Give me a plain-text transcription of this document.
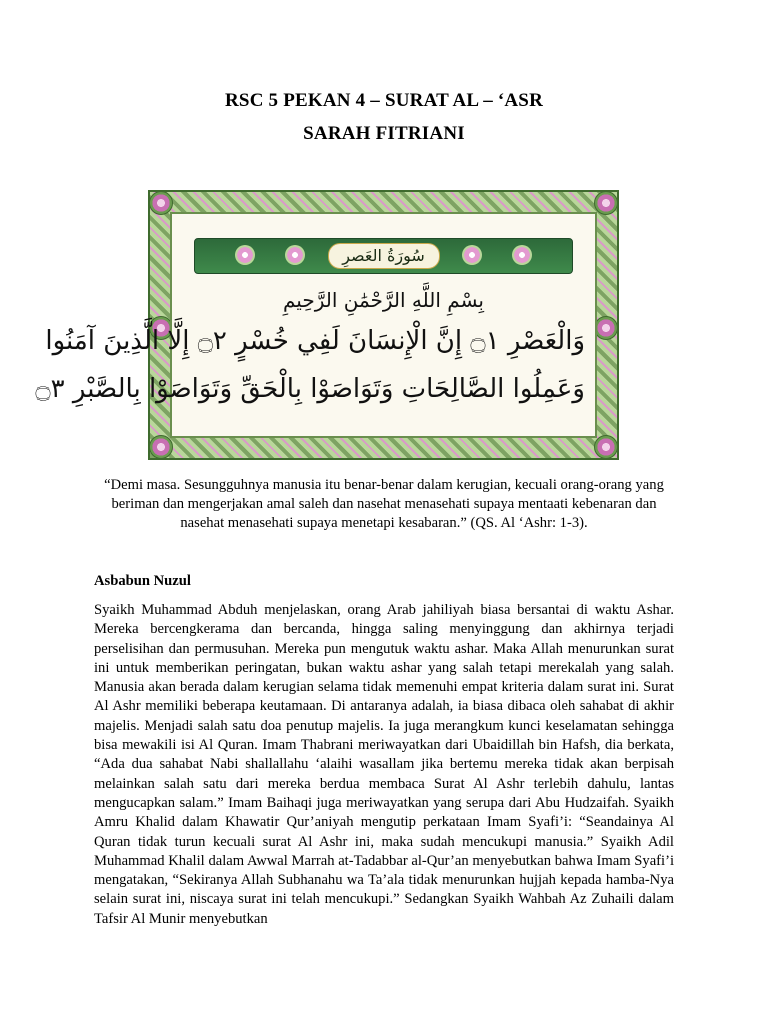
RSC 5 PEKAN 4 – SURAT AL – ‘ASR
SARAH FITRIANI
سُورَةُ العَصرِ
بِسْمِ اللَّهِ الرَّحْمَٰنِ الرَّحِيمِ
وَالْعَصْرِ ۝١ إِنَّ الْإِنسَانَ لَفِي خُسْرٍ ۝٢ إِلَّا الَّذِينَ آمَنُوا
وَعَمِلُوا الصَّالِحَاتِ وَتَوَاصَوْا بِالْحَقِّ وَتَوَاصَوْا بِالصَّبْرِ ۝٣
“Demi masa. Sesungguhnya manusia itu benar-benar dalam kerugian, kecuali orang-orang yang beriman dan mengerjakan amal saleh dan nasehat menasehati supaya mentaati kebenaran dan nasehat menasehati supaya menetapi kesabaran.” (QS. Al ‘Ashr: 1-3).
Asbabun Nuzul
Syaikh Muhammad Abduh menjelaskan, orang Arab jahiliyah biasa bersantai di waktu Ashar. Mereka bercengkerama dan bercanda, hingga saling menyinggung dan akhirnya terjadi perselisihan dan permusuhan. Mereka pun mengutuk waktu ashar. Maka Allah menurunkan surat ini untuk memberikan peringatan, bukan waktu ashar yang salah tetapi merekalah yang salah. Manusia akan berada dalam kerugian selama tidak memenuhi empat kriteria dalam surat ini. Surat Al Ashr memiliki beberapa keutamaan. Di antaranya adalah, ia biasa dibaca oleh sahabat di akhir majelis. Menjadi salah satu doa penutup majelis. Ia juga merangkum kunci keselamatan sehingga bisa mewakili isi Al Quran. Imam Thabrani meriwayatkan dari Ubaidillah bin Hafsh, dia berkata, “Ada dua sahabat Nabi shallallahu ‘alaihi wasallam jika bertemu mereka tidak akan berpisah melainkan salah satu dari mereka berdua membaca Surat Al Ashr terlebih dahulu, lantas mengucapkan salam.” Imam Baihaqi juga meriwayatkan yang serupa dari Abu Hudzaifah. Syaikh Amru Khalid dalam Khawatir Qur’aniyah mengutip perkataan Imam Syafi’i: “Seandainya Al Quran tidak turun kecuali surat Al Ashr ini, maka sudah mencukupi manusia.” Syaikh Adil Muhammad Khalil dalam Awwal Marrah at-Tadabbar al-Qur’an menyebutkan bahwa Imam Syafi’i mengatakan, “Sekiranya Allah Subhanahu wa Ta’ala tidak menurunkan hujjah kepada hamba-Nya selain surat ini, niscaya surat ini telah mencukupi.” Sedangkan Syaikh Wahbah Az Zuhaili dalam Tafsir Al Munir menyebutkan
